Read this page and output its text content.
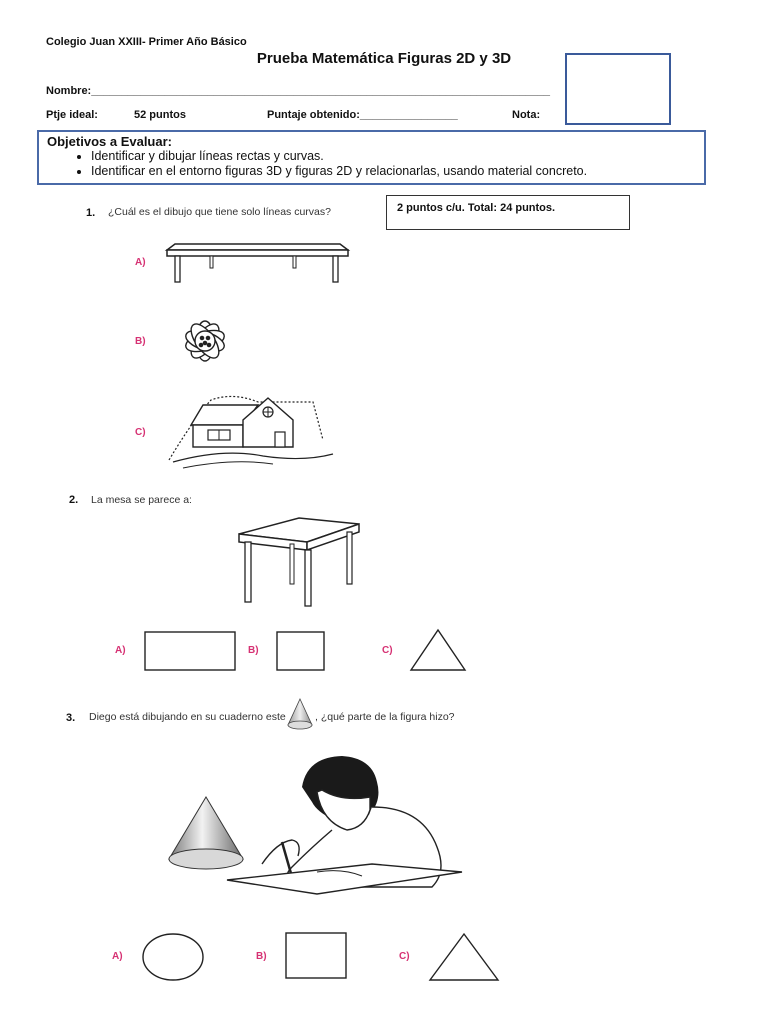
Colegio Juan XXIII- Primer Año Básico
Prueba Matemática Figuras 2D y 3D
Nombre:___________________________________________________________________________
Ptje ideal:	52 puntos	Puntaje obtenido:________________	Nota:
Objetivos a Evaluar:
• Identificar y dibujar líneas rectas y curvas.
• Identificar en el entorno figuras 3D y figuras 2D y relacionarlas, usando material concreto.
2 puntos c/u. Total: 24 puntos.
1. ¿Cuál es el dibujo que tiene solo líneas curvas?
A)
B)
C)
2. La mesa se parece a:
A)	B)	C)
3. Diego está dibujando en su cuaderno este	, ¿qué parte de la figura hizo?
A)	B)	C)
